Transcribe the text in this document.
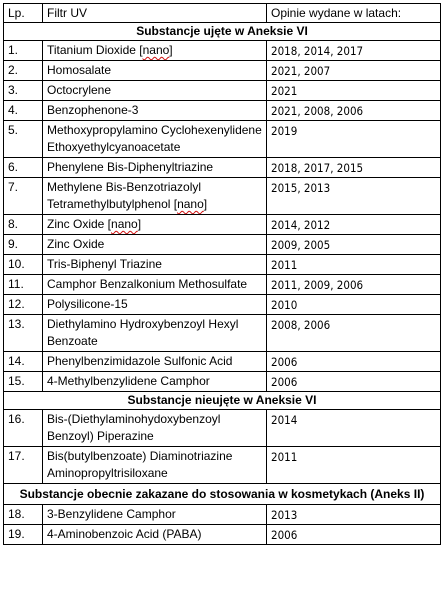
Lp.	Filtr UV	Opinie wydane w latach:
Substancje ujęte w Aneksie VI		
1.	Titanium Dioxide [nano]	2018, 2014, 2017
2.	Homosalate	2021, 2007
3.	Octocrylene	2021
4.	Benzophenone-3	2021, 2008, 2006
5.	Methoxypropylamino Cyclohexenylidene Ethoxyethylcyanoacetate	2019
6.	Phenylene Bis-Diphenyltriazine	2018, 2017, 2015
7.	Methylene Bis-Benzotriazolyl Tetramethylbutylphenol [nano]	2015, 2013
8.	Zinc Oxide [nano]	2014, 2012
9.	Zinc Oxide	2009, 2005
10.	Tris-Biphenyl Triazine	2011
11.	Camphor Benzalkonium Methosulfate	2011, 2009, 2006
12.	Polysilicone-15	2010
13.	Diethylamino Hydroxybenzoyl Hexyl Benzoate	2008, 2006
14.	Phenylbenzimidazole Sulfonic Acid	2006
15.	4-Methylbenzylidene Camphor	2006
Substancje nieujęte w Aneksie VI		
16.	Bis-(Diethylaminohydoxybenzoyl Benzoyl) Piperazine	2014
17.	Bis(butylbenzoate) Diaminotriazine Aminopropyltrisiloxane	2011
Substancje obecnie zakazane do stosowania w kosmetykach (Aneks II)		
18.	3-Benzylidene Camphor	2013
19.	4-Aminobenzoic Acid (PABA)	2006
